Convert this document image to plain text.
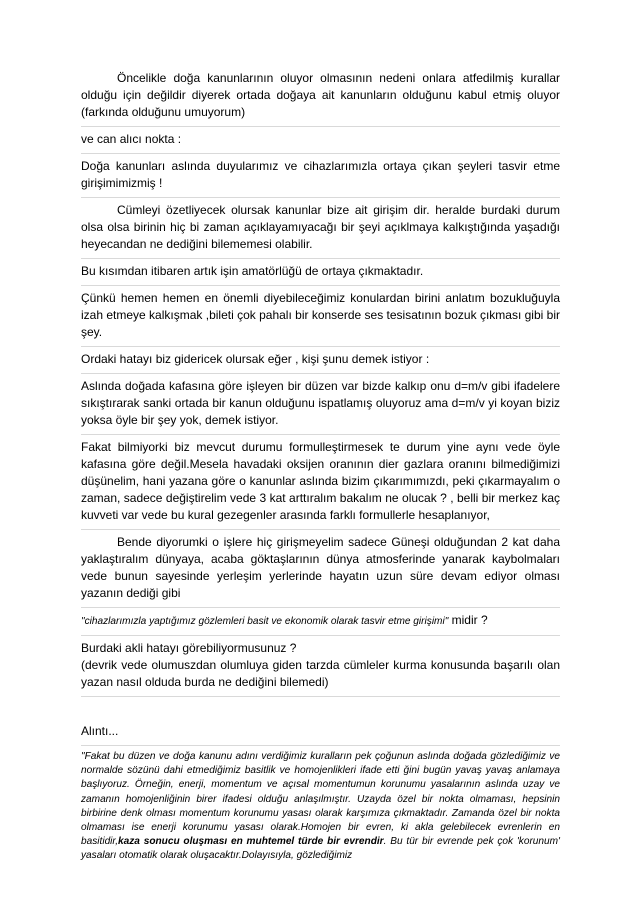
Öncelikle doğa kanunlarının oluyor olmasının nedeni onlara atfedilmiş kurallar olduğu için değildir diyerek ortada doğaya ait kanunların olduğunu kabul etmiş oluyor (farkında olduğunu umuyorum)

ve can alıcı nokta :

Doğa kanunları aslında duyularımız ve cihazlarımızla ortaya çıkan şeyleri tasvir etme girişimimizmiş !

Cümleyi özetliyecek olursak kanunlar bize ait girişim dir. heralde burdaki durum olsa olsa birinin hiç bi zaman açıklayamıyacağı bir şeyi açıklmaya kalkıştığında yaşadığı heyecandan ne dediğini bilememesi olabilir.

Bu kısımdan itibaren artık işin amatörlüğü de ortaya çıkmaktadır.

Çünkü hemen hemen en önemli diyebileceğimiz konulardan birini anlatım bozukluğuyla izah etmeye kalkışmak ,bileti çok pahalı bir konserde ses tesisatının bozuk çıkması gibi bir şey.

Ordaki hatayı biz gidericek olursak eğer , kişi şunu demek istiyor :

Aslında doğada kafasına göre işleyen bir düzen var bizde kalkıp onu d=m/v gibi ifadelere sıkıştırarak sanki ortada bir kanun olduğunu ispatlamış oluyoruz ama d=m/v yi koyan biziz yoksa öyle bir şey yok, demek istiyor.

Fakat bilmiyorki biz mevcut durumu formulleştirmesek te durum yine aynı vede öyle kafasına göre değil.Mesela havadaki oksijen oranının dier gazlara oranını bilmediğimizi düşünelim, hani yazana göre o kanunlar aslında bizim çıkarımımızdı, peki çıkarmayalım o zaman, sadece değiştirelim vede 3 kat arttıralım bakalım ne olucak ? , belli bir merkez kaç kuvveti var vede bu kural gezegenler arasında farklı formullerle hesaplanıyor,

Bende diyorumki o işlere hiç girişmeyelim sadece Güneşi olduğundan 2 kat daha yaklaştıralım dünyaya, acaba göktaşlarının dünya atmosferinde yanarak kaybolmaları vede bunun sayesinde yerleşim yerlerinde hayatın uzun süre devam ediyor olması yazanın dediği gibi

"cihazlarımızla yaptığımız gözlemleri basit ve ekonomik olarak tasvir etme girişimi" midir ?

Burdaki akli hatayı görebiliyormusunuz ?

(devrik vede olumuszdan olumluya giden tarzda cümleler kurma konusunda başarılı olan yazan nasıl olduda burda ne dediğini bilemedi)

Alıntı...

"Fakat bu düzen ve doğa kanunu adını verdiğimiz kuralların pek çoğunun aslında doğada gözlediğimiz ve normalde sözünü dahi etmediğimiz basitlik ve homojenlikleri ifade etti ğini bugün yavaş yavaş anlamaya başlıyoruz. Örneğin, enerji, momentum ve açısal momentumun korunumu yasalarının aslında uzay ve zamanın homojenliğinin birer ifadesi olduğu anlaşılmıştır. Uzayda özel bir nokta olmaması, hepsinin birbirine denk olması momentum korunumu yasası olarak karşımıza çıkmaktadır. Zamanda özel bir nokta olmaması ise enerji korunumu yasası olarak.Homojen bir evren, ki akla gelebilecek evrenlerin en basitidir,kaza sonucu oluşması en muhtemel türde bir evrendir. Bu tür bir evrende pek çok 'korunum' yasaları otomatik olarak oluşacaktır.Dolayısıyla, gözlediğimiz
